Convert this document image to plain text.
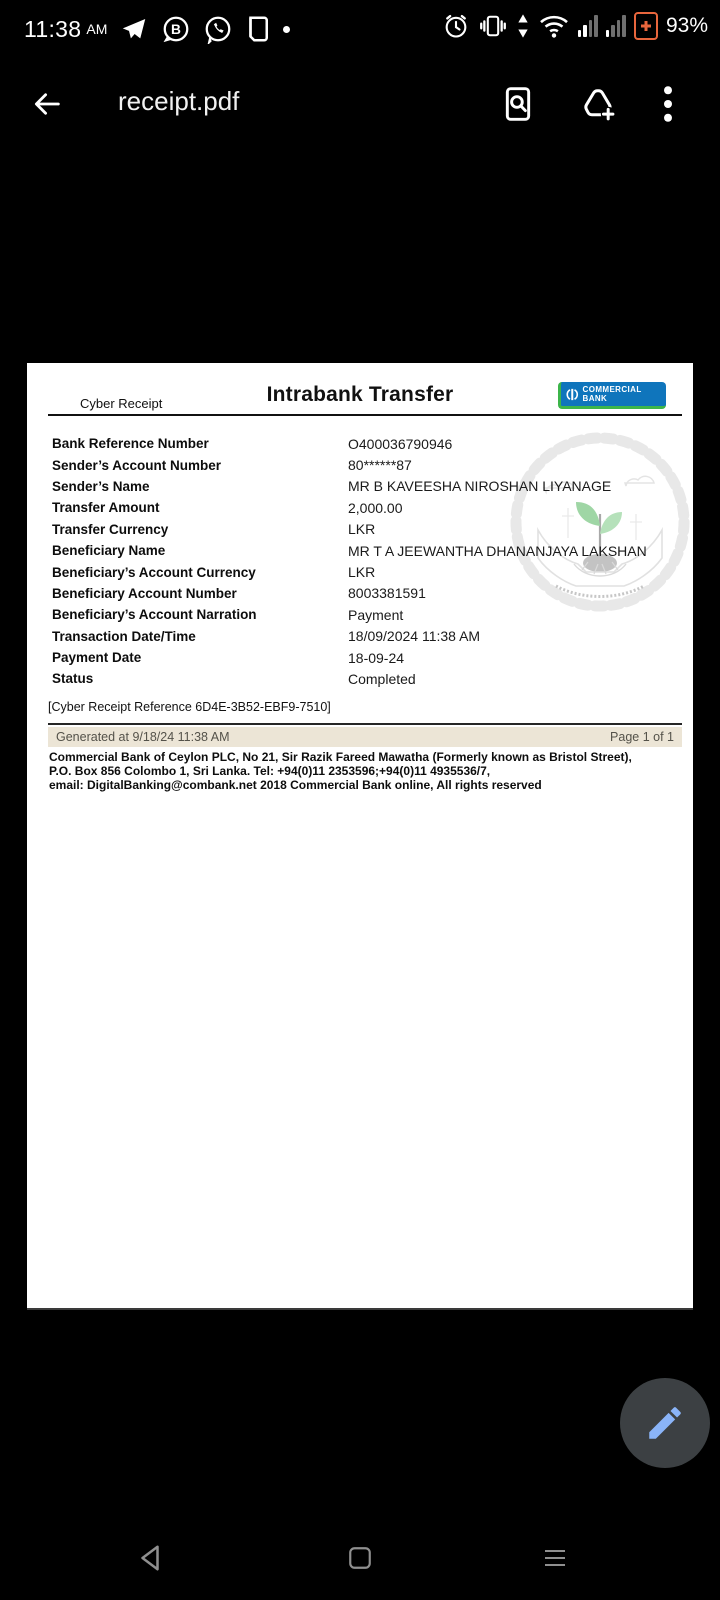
11:38 AM	B	93%
receipt.pdf
Cyber Receipt	Intrabank Transfer	COMMERCIAL BANK
Bank Reference Number	O400036790946
Sender’s Account Number	80******87
Sender’s Name	MR B KAVEESHA NIROSHAN LIYANAGE
Transfer Amount	2,000.00
Transfer Currency	LKR
Beneficiary Name	MR T A JEEWANTHA DHANANJAYA LAKSHAN
Beneficiary’s Account Currency	LKR
Beneficiary Account Number	8003381591
Beneficiary’s Account Narration	Payment
Transaction Date/Time	18/09/2024 11:38 AM
Payment Date	18-09-24
Status	Completed
[Cyber Receipt Reference 6D4E-3B52-EBF9-7510]
Generated at 9/18/24 11:38 AM	Page 1 of 1
Commercial Bank of Ceylon PLC, No 21, Sir Razik Fareed Mawatha (Formerly known as Bristol Street),
P.O. Box 856 Colombo 1, Sri Lanka. Tel: +94(0)11 2353596;+94(0)11 4935536/7,
email: DigitalBanking@combank.net 2018 Commercial Bank online, All rights reserved
